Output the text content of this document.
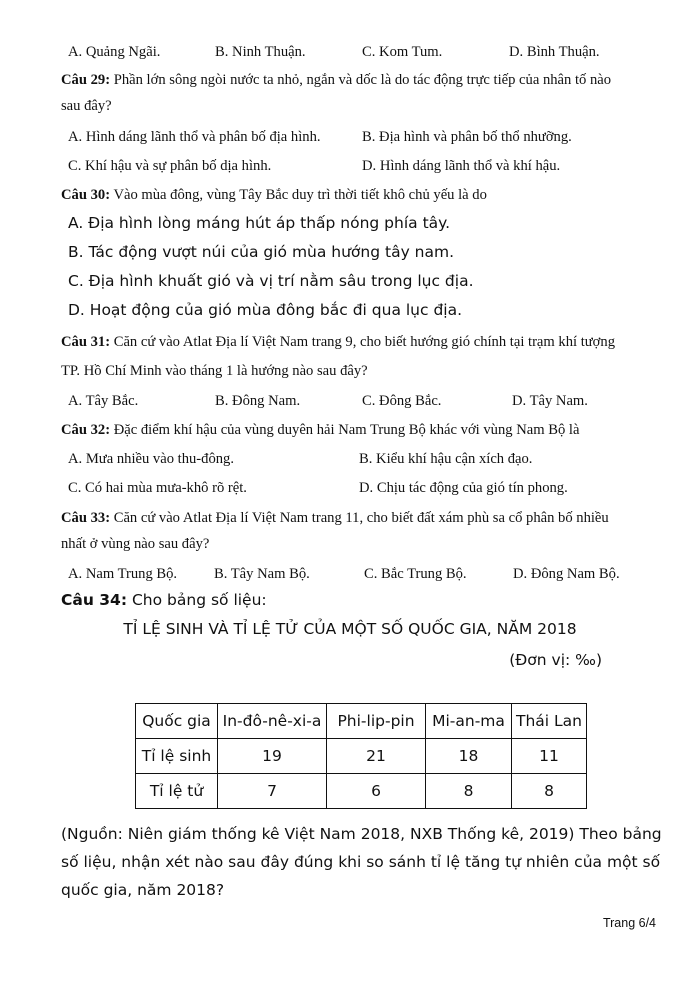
A. Quảng Ngãi.	B. Ninh Thuận.	C. Kom Tum.	D. Bình Thuận.
Câu 29: Phần lớn sông ngòi nước ta nhỏ, ngắn và dốc là do tác động trực tiếp của nhân tố nào
sau đây?
A. Hình dáng lãnh thổ và phân bố địa hình.	B. Địa hình và phân bố thổ nhưỡng.
C. Khí hậu và sự phân bố dịa hình.	D. Hình dáng lãnh thổ và khí hậu.
Câu 30: Vào mùa đông, vùng Tây Bắc duy trì thời tiết khô chủ yếu là do
A. Địa hình lòng máng hút áp thấp nóng phía tây.
B. Tác động vượt núi của gió mùa hướng tây nam.
C. Địa hình khuất gió và vị trí nằm sâu trong lục địa.
D. Hoạt động của gió mùa đông bắc đi qua lục địa.
Câu 31: Căn cứ vào Atlat Địa lí Việt Nam trang 9, cho biết hướng gió chính tại trạm khí tượng
TP. Hồ Chí Minh vào tháng 1 là hướng nào sau đây?
A. Tây Bắc.	B. Đông Nam.	C. Đông Bắc.	D. Tây Nam.
Câu 32: Đặc điểm khí hậu của vùng duyên hải Nam Trung Bộ khác với vùng Nam Bộ là
A. Mưa nhiều vào thu-đông.	B. Kiểu khí hậu cận xích đạo.
C. Có hai mùa mưa-khô rõ rệt.	D. Chịu tác động của gió tín phong.
Câu 33: Căn cứ vào Atlat Địa lí Việt Nam trang 11, cho biết đất xám phù sa cổ phân bố nhiều
nhất ở vùng nào sau đây?
A. Nam Trung Bộ.	B. Tây Nam Bộ.	C. Bắc Trung Bộ.	D. Đông Nam Bộ.
Câu 34: Cho bảng số liệu:
TỈ LỆ SINH VÀ TỈ LỆ TỬ CỦA MỘT SỐ QUỐC GIA, NĂM 2018
(Đơn vị: ‰)
Quốc gia	In-đô-nê-xi-a	Phi-lip-pin	Mi-an-ma	Thái Lan
Tỉ lệ sinh	19	21	18	11
Tỉ lệ tử	7	6	8	8
(Nguồn: Niên giám thống kê Việt Nam 2018, NXB Thống kê, 2019) Theo bảng
số liệu, nhận xét nào sau đây đúng khi so sánh tỉ lệ tăng tự nhiên của một số
quốc gia, năm 2018?
Trang 6/4
